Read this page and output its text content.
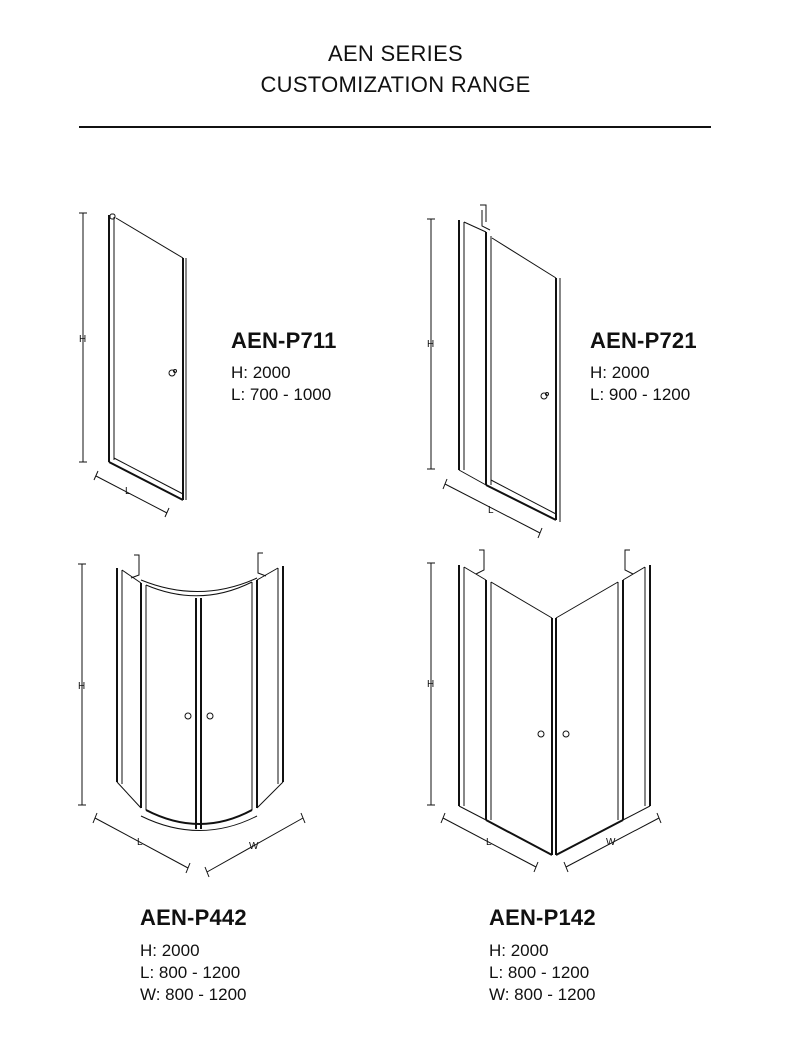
AEN SERIES
CUSTOMIZATION RANGE
H
L
H
L
H
L	W
H
L	W
AEN-P711
H: 2000
L: 700 - 1000
AEN-P721
H: 2000
L: 900 - 1200
AEN-P442
H: 2000
L: 800 - 1200
W: 800 - 1200
AEN-P142
H: 2000
L: 800 - 1200
W: 800 - 1200
